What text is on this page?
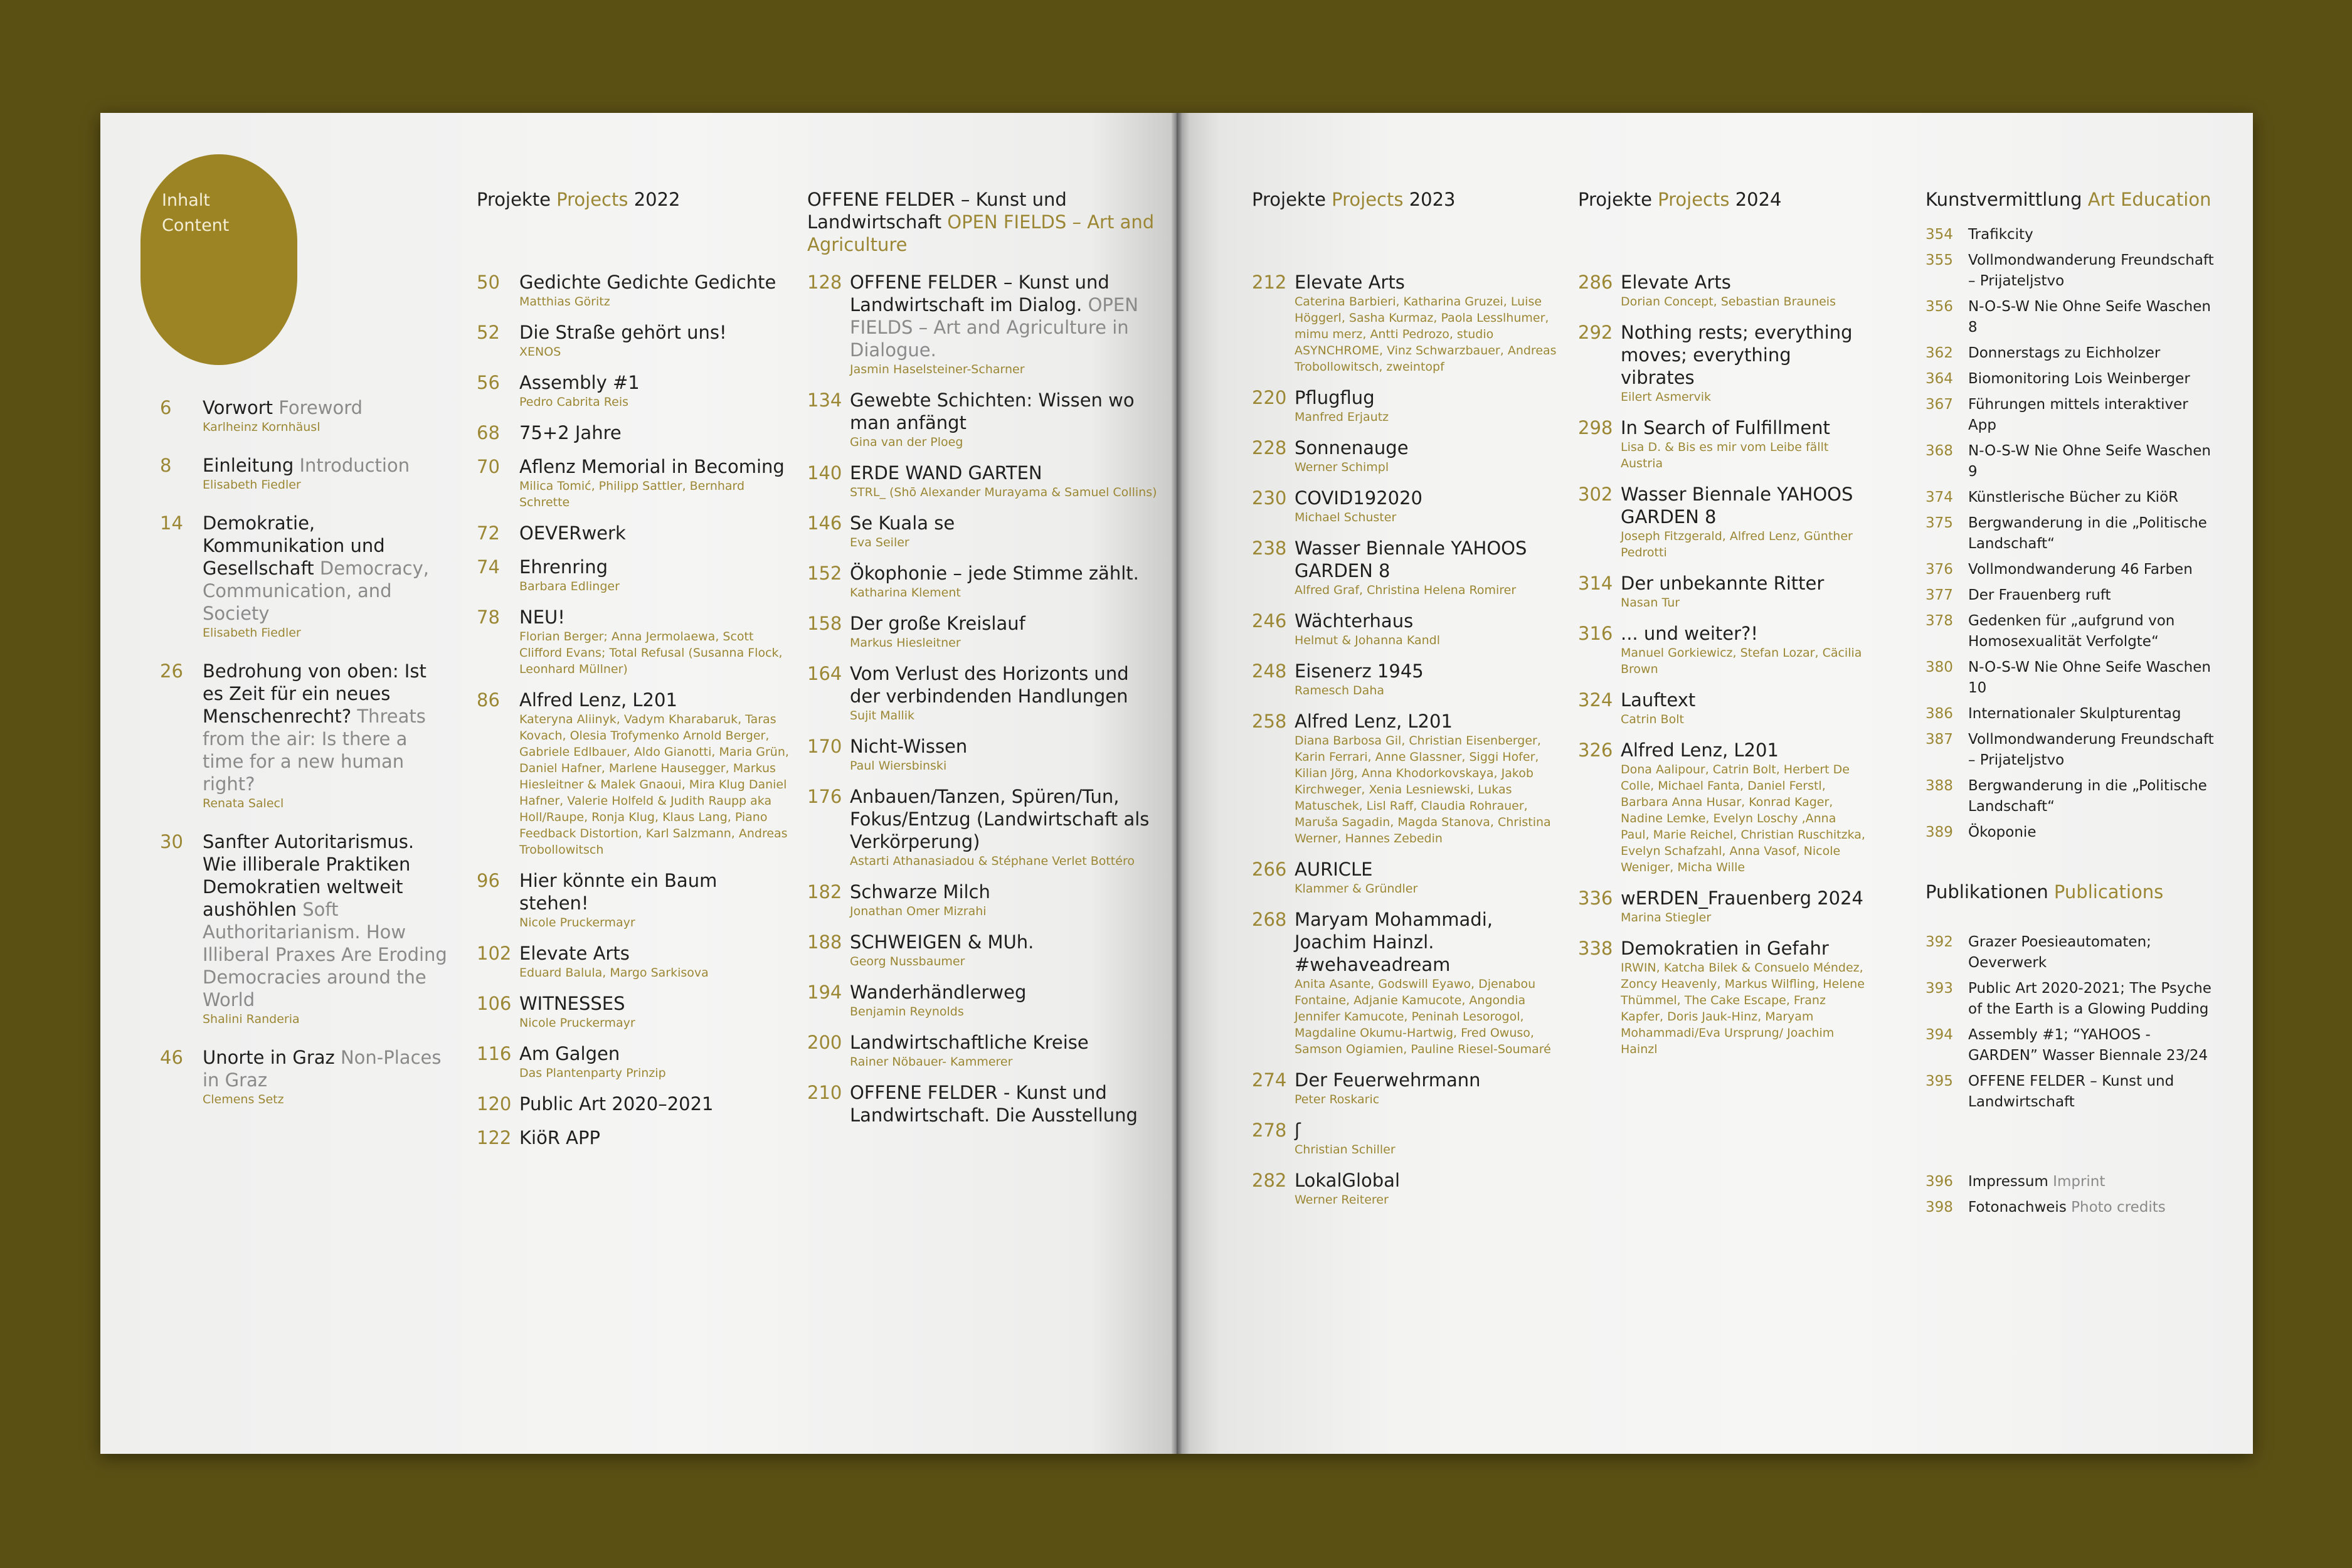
Inhalt
Content
6 Vorwort Foreword
Karlheinz Kornhäusl
8 Einleitung Introduction
Elisabeth Fiedler
14 Demokratie, Kommunikation und Gesellschaft Democracy, Communication, and Society
Elisabeth Fiedler
26 Bedrohung von oben: Ist es Zeit für ein neues Menschenrecht? Threats from the air: Is there a time for a new human right?
Renata Salecl
30 Sanfter Autoritarismus. Wie illiberale Praktiken Demokratien weltweit aushöhlen Soft Authoritarianism. How Illiberal Praxes Are Eroding Democracies around the World
Shalini Randeria
46 Unorte in Graz Non-Places in Graz
Clemens Setz
Projekte Projects 2022
50 Gedichte Gedichte Gedichte
Matthias Göritz
52 Die Straße gehört uns!
XENOS
56 Assembly #1
Pedro Cabrita Reis
68 75+2 Jahre
70 Aflenz Memorial in Becoming
Milica Tomić, Philipp Sattler, Bernhard Schrette
72 OEVERwerk
74 Ehrenring
Barbara Edlinger
78 NEU!
Florian Berger; Anna Jermolaewa, Scott Clifford Evans; Total Refusal (Susanna Flock, Leonhard Müllner)
86 Alfred Lenz, L201
Kateryna Aliinyk, Vadym Kharabaruk, Taras Kovach, Olesia Trofymenko Arnold Berger, Gabriele Edlbauer, Aldo Gianotti, Maria Grün, Daniel Hafner, Marlene Hausegger, Markus Hiesleitner & Malek Gnaoui, Mira Klug Daniel Hafner, Valerie Holfeld & Judith Raupp aka Holl/Raupe, Ronja Klug, Klaus Lang, Piano Feedback Distortion, Karl Salzmann, Andreas Trobollowitsch
96 Hier könnte ein Baum stehen!
Nicole Pruckermayr
102 Elevate Arts
Eduard Balula, Margo Sarkisova
106 WITNESSES
Nicole Pruckermayr
116 Am Galgen
Das Plantenparty Prinzip
120 Public Art 2020–2021
122 KiöR APP
OFFENE FELDER – Kunst und Landwirtschaft OPEN FIELDS – Art and Agriculture
128 OFFENE FELDER – Kunst und Landwirtschaft im Dialog. OPEN FIELDS – Art and Agriculture in Dialogue.
Jasmin Haselsteiner-Scharner
134 Gewebte Schichten: Wissen wo man anfängt
Gina van der Ploeg
140 ERDE WAND GARTEN
STRL_ (Shō Alexander Murayama & Samuel Collins)
146 Se Kuala se
Eva Seiler
152 Ökophonie – jede Stimme zählt.
Katharina Klement
158 Der große Kreislauf
Markus Hiesleitner
164 Vom Verlust des Horizonts und der verbindenden Handlungen
Sujit Mallik
170 Nicht-Wissen
Paul Wiersbinski
176 Anbauen/Tanzen, Spüren/Tun, Fokus/Entzug (Landwirtschaft als Verkörperung)
Astarti Athanasiadou & Stéphane Verlet Bottéro
182 Schwarze Milch
Jonathan Omer Mizrahi
188 SCHWEIGEN & MUh.
Georg Nussbaumer
194 Wanderhändlerweg
Benjamin Reynolds
200 Landwirtschaftliche Kreise
Rainer Nöbauer- Kammerer
210 OFFENE FELDER - Kunst und Landwirtschaft. Die Ausstellung
Projekte Projects 2023
212 Elevate Arts
Caterina Barbieri, Katharina Gruzei, Luise Höggerl, Sasha Kurmaz, Paola Lesslhumer, mimu merz, Antti Pedrozo, studio ASYNCHROME, Vinz Schwarzbauer, Andreas Trobollowitsch, zweintopf
220 Pflugflug
Manfred Erjautz
228 Sonnenauge
Werner Schimpl
230 COVID192020
Michael Schuster
238 Wasser Biennale YAHOOS GARDEN 8
Alfred Graf, Christina Helena Romirer
246 Wächterhaus
Helmut & Johanna Kandl
248 Eisenerz 1945
Ramesch Daha
258 Alfred Lenz, L201
Diana Barbosa Gil, Christian Eisenberger, Karin Ferrari, Anne Glassner, Siggi Hofer, Kilian Jörg, Anna Khodorkovskaya, Jakob Kirchweger, Xenia Lesniewski, Lukas Matuschek, Lisl Raff, Claudia Rohrauer, Maruša Sagadin, Magda Stanova, Christina Werner, Hannes Zebedin
266 AURICLE
Klammer & Gründler
268 Maryam Mohammadi, Joachim Hainzl. #wehaveadream
Anita Asante, Godswill Eyawo, Djenabou Fontaine, Adjanie Kamucote, Angondia Jennifer Kamucote, Peninah Lesorogol, Magdaline Okumu-Hartwig, Fred Owuso, Samson Ogiamien, Pauline Riesel-Soumaré
274 Der Feuerwehrmann
Peter Roskaric
278 ʃ
Christian Schiller
282 LokalGlobal
Werner Reiterer
Projekte Projects 2024
286 Elevate Arts
Dorian Concept, Sebastian Brauneis
292 Nothing rests; everything moves; everything vibrates
Eilert Asmervik
298 In Search of Fulfillment
Lisa D. & Bis es mir vom Leibe fällt Austria
302 Wasser Biennale YAHOOS GARDEN 8
Joseph Fitzgerald, Alfred Lenz, Günther Pedrotti
314 Der unbekannte Ritter
Nasan Tur
316 ... und weiter?!
Manuel Gorkiewicz, Stefan Lozar, Cäcilia Brown
324 Lauftext
Catrin Bolt
326 Alfred Lenz, L201
Dona Aalipour, Catrin Bolt, Herbert De Colle, Michael Fanta, Daniel Ferstl, Barbara Anna Husar, Konrad Kager, Nadine Lemke, Evelyn Loschy ,Anna Paul, Marie Reichel, Christian Ruschitzka, Evelyn Schafzahl, Anna Vasof, Nicole Weniger, Micha Wille
336 wERDEN_Frauenberg 2024
Marina Stiegler
338 Demokratien in Gefahr
IRWIN, Katcha Bilek & Consuelo Méndez, Zoncy Heavenly, Markus Wilfling, Helene Thümmel, The Cake Escape, Franz Kapfer, Doris Jauk-Hinz, Maryam Mohammadi/Eva Ursprung/ Joachim Hainzl
Kunstvermittlung Art Education
354 Trafikcity
355 Vollmondwanderung Freundschaft – Prijateljstvo
356 N-O-S-W Nie Ohne Seife Waschen 8
362 Donnerstags zu Eichholzer
364 Biomonitoring Lois Weinberger
367 Führungen mittels interaktiver App
368 N-O-S-W Nie Ohne Seife Waschen 9
374 Künstlerische Bücher zu KiöR
375 Bergwanderung in die „Politische Landschaft“
376 Vollmondwanderung 46 Farben
377 Der Frauenberg ruft
378 Gedenken für „aufgrund von Homosexualität Verfolgte“
380 N-O-S-W Nie Ohne Seife Waschen 10
386 Internationaler Skulpturentag
387 Vollmondwanderung Freundschaft – Prijateljstvo
388 Bergwanderung in die „Politische Landschaft“
389 Ökoponie
Publikationen Publications
392 Grazer Poesieautomaten; Oeverwerk
393 Public Art 2020-2021; The Psyche of the Earth is a Glowing Pudding
394 Assembly #1; “YAHOOS - GARDEN” Wasser Biennale 23/24
395 OFFENE FELDER – Kunst und Landwirtschaft
396 Impressum Imprint
398 Fotonachweis Photo credits
